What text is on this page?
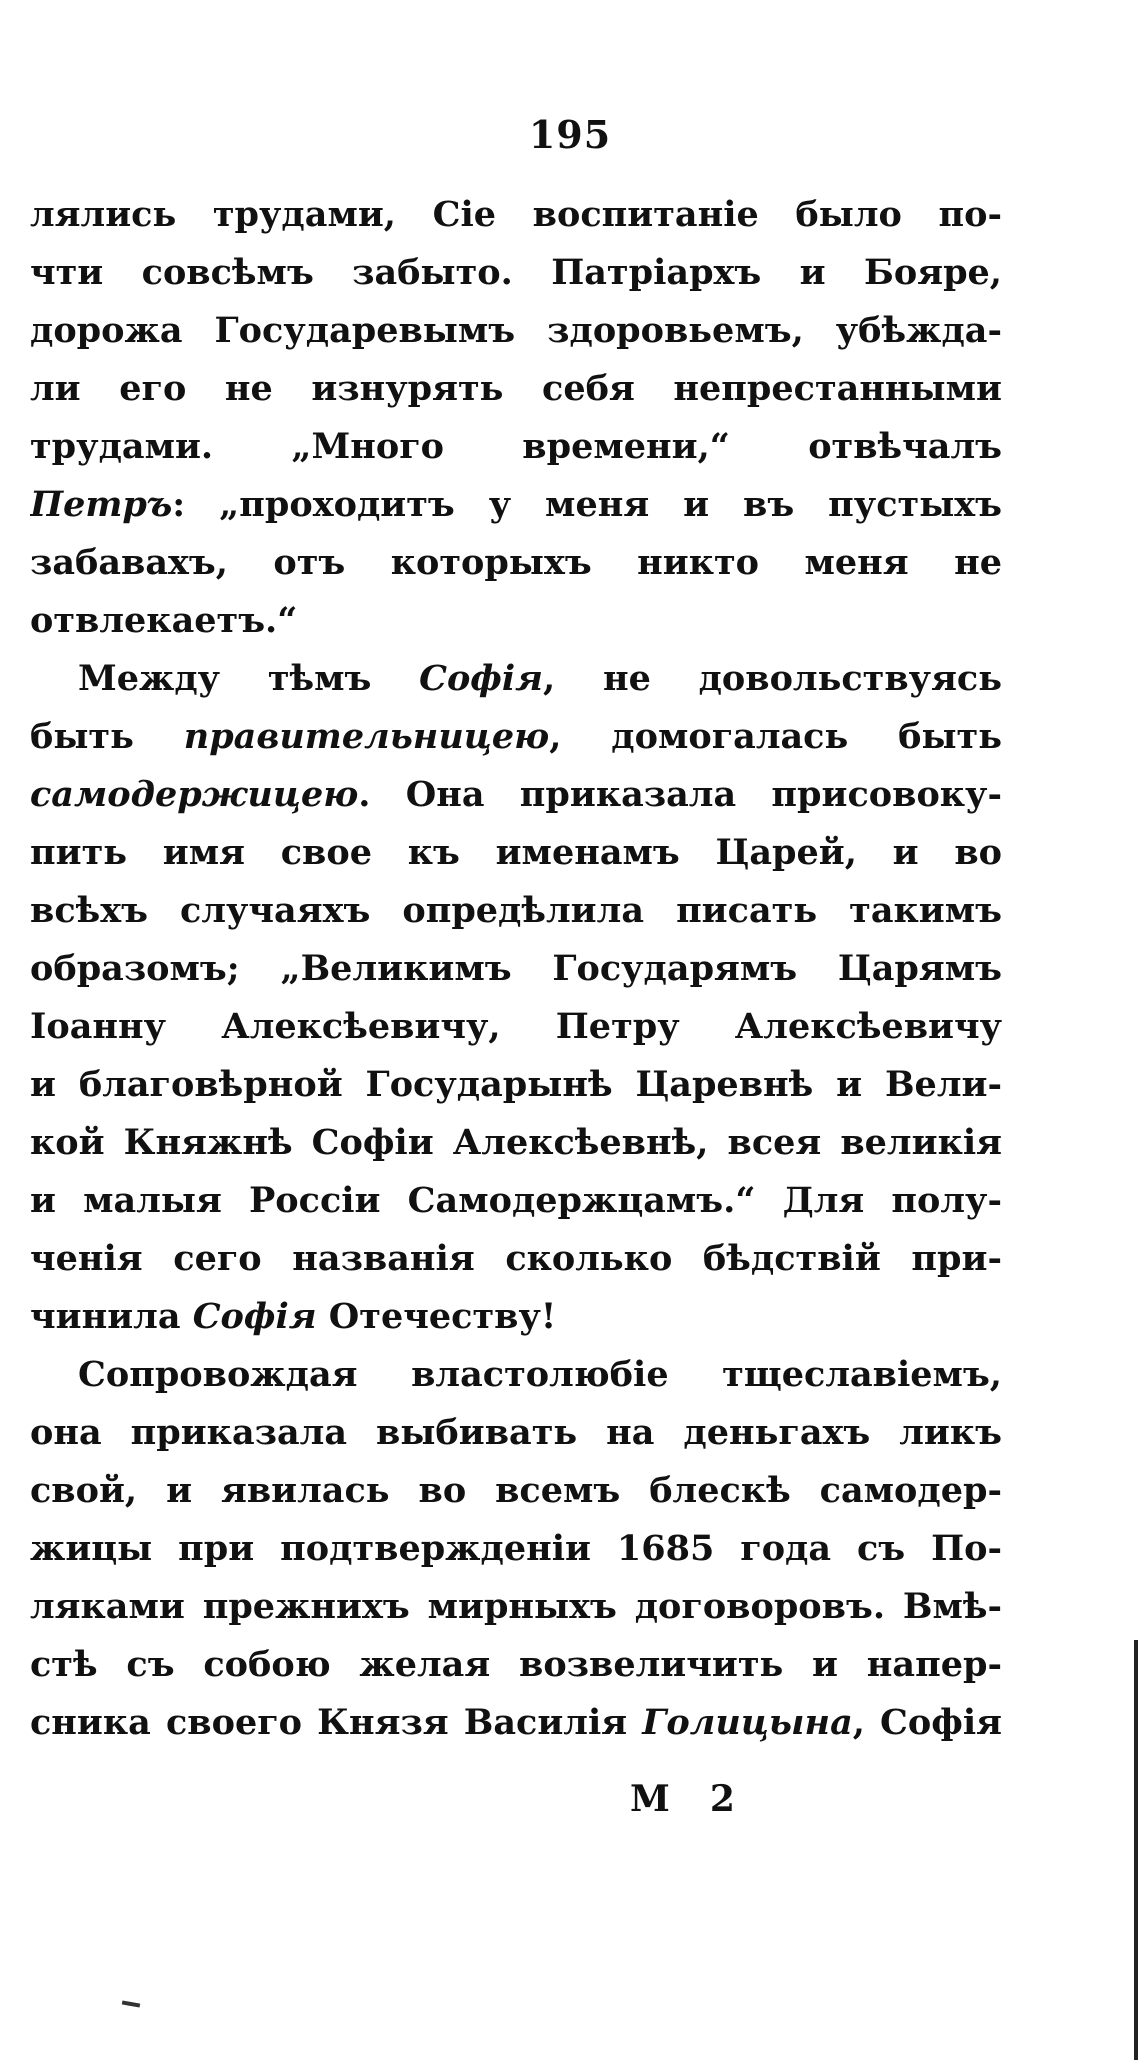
195
лялись трудами, Сiе воспитанiе было по-
чти совсѣмъ забыто. Патрiархъ и Бояре,
дорожа Государевымъ здоровьемъ, убѣжда-
ли его не изнурять себя непрестанными
трудами. „Много времени,“ отвѣчалъ
Петръ: „проходитъ у меня и въ пустыхъ
забавахъ, отъ которыхъ никто меня не
отвлекаетъ.“
Между тѣмъ Софiя, не довольствуясь
быть правительницею, домогалась быть
самодержицею. Она приказала присовоку-
пить имя свое къ именамъ Царей, и во
всѣхъ случаяхъ опредѣлила писать такимъ
образомъ; „Великимъ Государямъ Царямъ
Iоанну Алексѣевичу, Петру Алексѣевичу
и благовѣрной Государынѣ Царевнѣ и Вели-
кой Княжнѣ Софiи Алексѣевнѣ, всея великiя
и малыя Россiи Самодержцамъ.“ Для полу-
ченiя сего названiя сколько бѣдствiй при-
чинила Софiя Отечеству!
Сопровождая властолюбiе тщеславiемъ,
она приказала выбивать на деньгахъ ликъ
свой, и явилась во всемъ блескѣ самодер-
жицы при подтвержденiи 1685 года съ По-
ляками прежнихъ мирныхъ договоровъ. Вмѣ-
стѣ съ собою желая возвеличить и напер-
сника своего Князя Василiя Голицына, Софiя
M 2
